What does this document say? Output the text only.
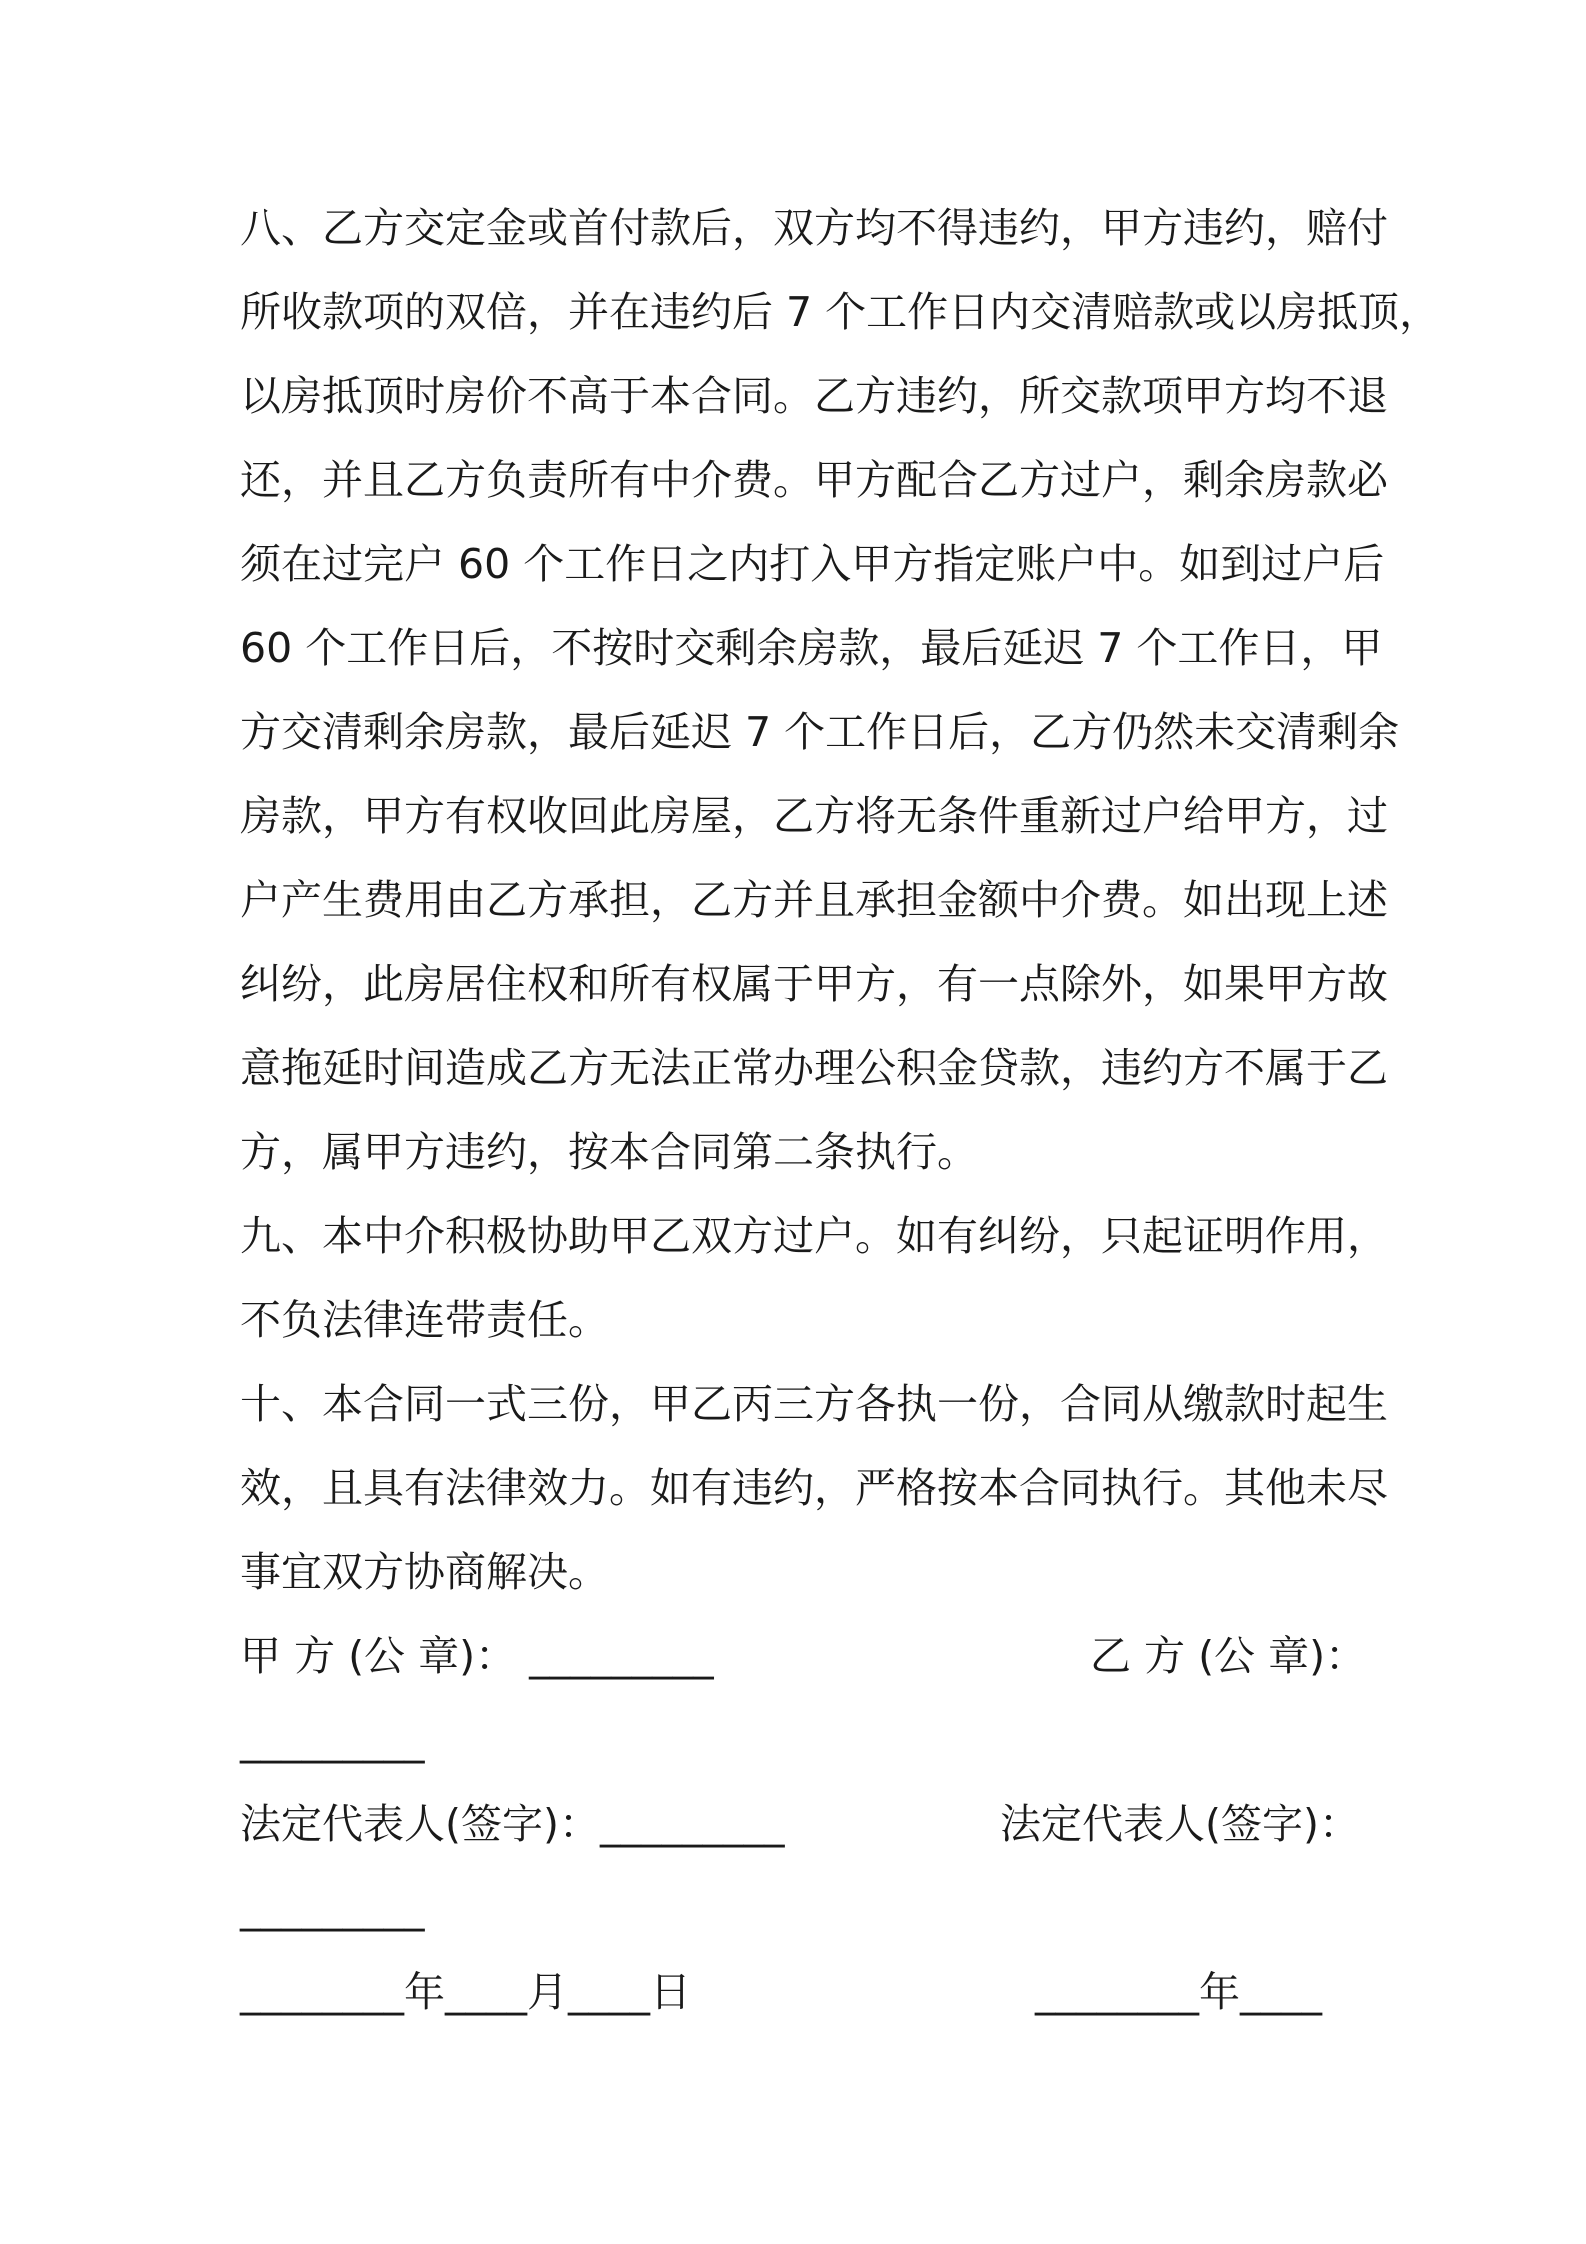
八、乙方交定金或首付款后，双方均不得违约，甲方违约，赔付
所收款项的双倍，并在违约后 7 个工作日内交清赔款或以房抵顶，
以房抵顶时房价不高于本合同。乙方违约，所交款项甲方均不退
还，并且乙方负责所有中介费。甲方配合乙方过户，剩余房款必
须在过完户 60 个工作日之内打入甲方指定账户中。如到过户后
60 个工作日后，不按时交剩余房款，最后延迟 7 个工作日，甲
方交清剩余房款，最后延迟 7 个工作日后，乙方仍然未交清剩余
房款，甲方有权收回此房屋，乙方将无条件重新过户给甲方，过
户产生费用由乙方承担，乙方并且承担金额中介费。如出现上述
纠纷，此房居住权和所有权属于甲方，有一点除外，如果甲方故
意拖延时间造成乙方无法正常办理公积金贷款，违约方不属于乙
方，属甲方违约，按本合同第二条执行。
九、本中介积极协助甲乙双方过户。如有纠纷，只起证明作用，
不负法律连带责任。
十、本合同一式三份，甲乙丙三方各执一份，合同从缴款时起生
效，且具有法律效力。如有违约，严格按本合同执行。其他未尽
事宜双方协商解决。
甲 方 (公 章)： _________	乙 方 (公 章)：
_________
法定代表人(签字)：_________	法定代表人(签字)：
_________
________年____月____日	________年____
